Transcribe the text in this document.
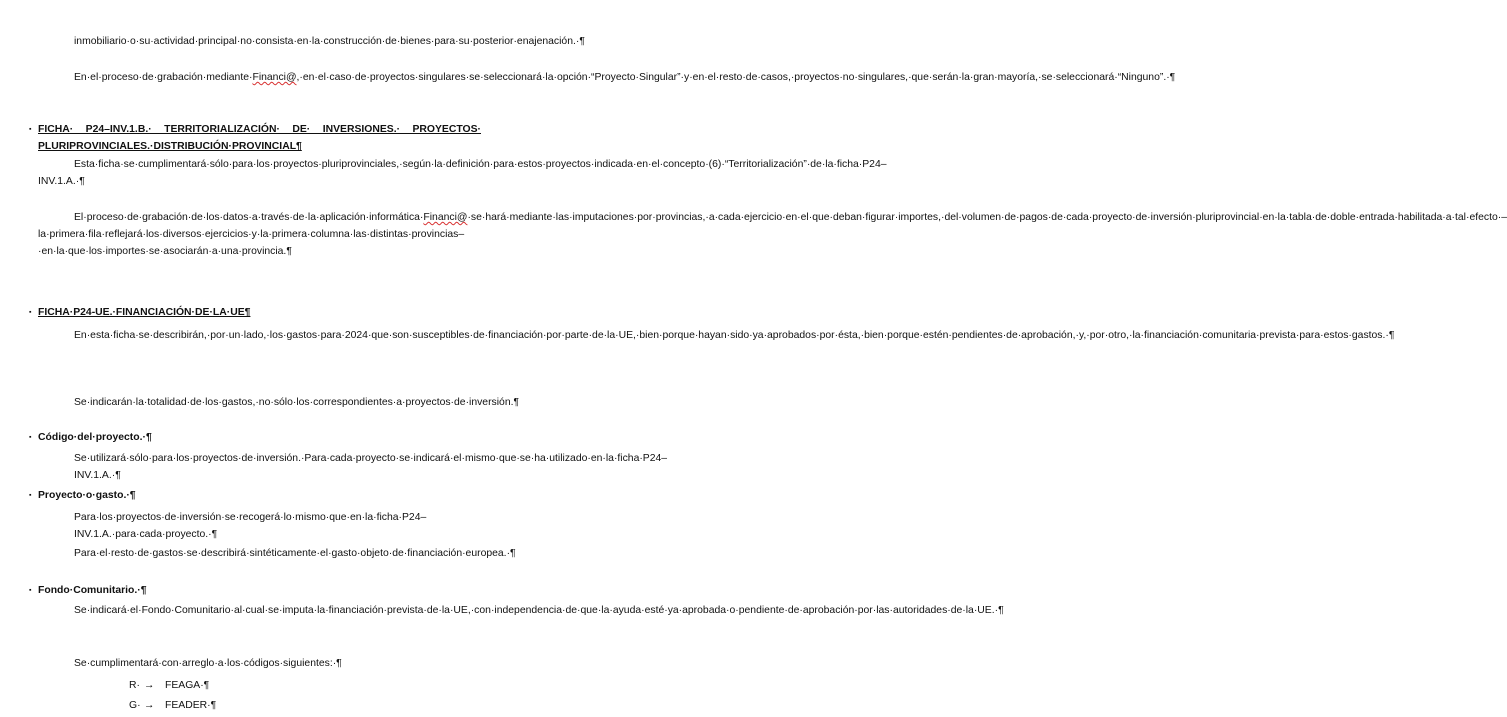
inmobiliario·o·su·actividad·principal·no·consista·en·la·construcción·de·bienes·para·su·posterior·enajenación.·¶
En·el·proceso·de·grabación·mediante·Financi@,·en·el·caso·de·proyectos·singulares·se·seleccionará·la·opción·“Proyecto·Singular”·y·en·el·resto·de·casos,·proyectos·no·singulares,·que·serán·la·gran·mayoría,·se·seleccionará·“Ninguno”.·¶
▪ FICHA· P24–INV.1.B.· TERRITORIALIZACIÓN· DE· INVERSIONES.· PROYECTOS· PLURIPROVINCIALES.·DISTRIBUCIÓN·PROVINCIAL¶
Esta·ficha·se·cumplimentará·sólo·para·los·proyectos·pluriprovinciales,·según·la·definición·para·estos·proyectos·indicada·en·el·concepto·(6)·“Territorialización”·de·la·ficha·P24–INV.1.A.·¶
El·proceso·de·grabación·de·los·datos·a·través·de·la·aplicación·informática·Financi@·se·hará·mediante·las·imputaciones·por·provincias,·a·cada·ejercicio·en·el·que·deban·figurar·importes,·del·volumen·de·pagos·de·cada·proyecto·de·inversión·pluriprovincial·en·la·tabla·de·doble·entrada·habilitada·a·tal·efecto·–la·primera·fila·reflejará·los·diversos·ejercicios·y·la·primera·columna·las·distintas·provincias–·en·la·que·los·importes·se·asociarán·a·una·provincia.¶
▪ FICHA·P24-UE.·FINANCIACIÓN·DE·LA·UE¶
En·esta·ficha·se·describirán,·por·un·lado,·los·gastos·para·2024·que·son·susceptibles·de·financiación·por·parte·de·la·UE,·bien·porque·hayan·sido·ya·aprobados·por·ésta,·bien·porque·estén·pendientes·de·aprobación,·y,·por·otro,·la·financiación·comunitaria·prevista·para·estos·gastos.·¶
Se·indicarán·la·totalidad·de·los·gastos,·no·sólo·los·correspondientes·a·proyectos·de·inversión.¶
▪ Código·del·proyecto.·¶
Se·utilizará·sólo·para·los·proyectos·de·inversión.·Para·cada·proyecto·se·indicará·el·mismo·que·se·ha·utilizado·en·la·ficha·P24–INV.1.A.·¶
▪ Proyecto·o·gasto.·¶
Para·los·proyectos·de·inversión·se·recogerá·lo·mismo·que·en·la·ficha·P24–INV.1.A.·para·cada·proyecto.·¶
Para·el·resto·de·gastos·se·describirá·sintéticamente·el·gasto·objeto·de·financiación·europea.·¶
▪ Fondo·Comunitario.·¶
Se·indicará·el·Fondo·Comunitario·al·cual·se·imputa·la·financiación·prevista·de·la·UE,·con·independencia·de·que·la·ayuda·esté·ya·aprobada·o·pendiente·de·aprobación·por·las·autoridades·de·la·UE.·¶
Se·cumplimentará·con·arreglo·a·los·códigos·siguientes:·¶
R· → FEAGA·¶
G· → FEADER·¶
